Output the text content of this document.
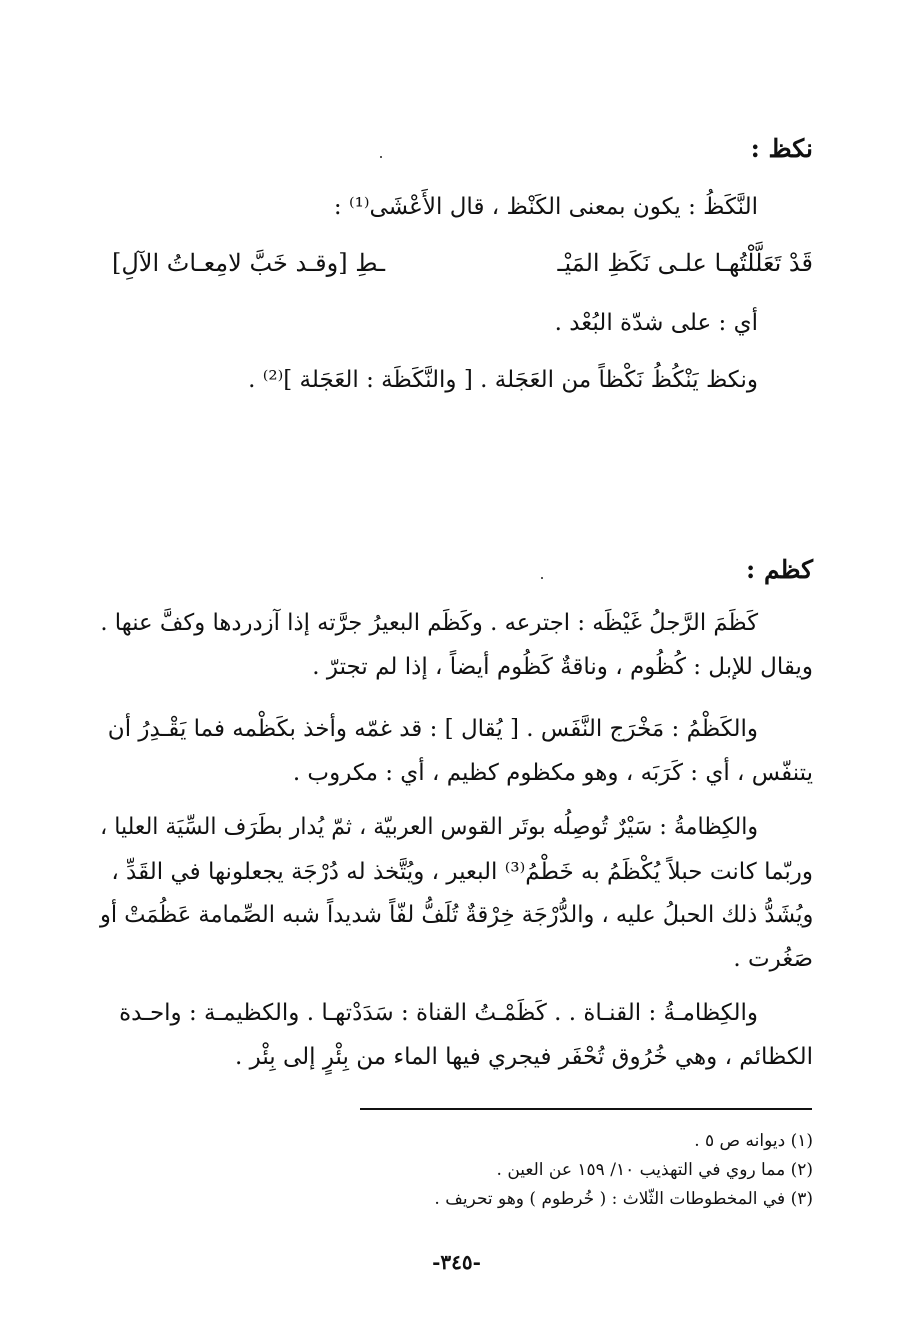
نكظ :
النَّكَظُ : يكون بمعنى الكَنْظ ، قال الأَعْشَى⁽¹⁾ :
قَدْ تَعَلَّلْتُهـا علـى نَكَظِ المَيْـ
ـطِ [وقـد خَبَّ لامِعـاتُ الآلِ]
أي : على شدّة البُعْد .
ونكظ يَنْكُظُ نَكْظاً من العَجَلة . [ والنَّكَظَة : العَجَلة ]⁽²⁾ .
كظم :
كَظَمَ الرَّجلُ غَيْظَه : اجترعه . وكَظَم البعيرُ جرَّته إذا آزدردها وكفَّ عنها .
ويقال للإبل : كُظُوم ، وناقةٌ كَظُوم أيضاً ، إذا لم تجترّ .
والكَظْمُ : مَخْرَج النَّفَس . [ يُقال ] : قد غمّه وأخذ بكَظْمه فما يَقْـدِرُ أن
يتنفّس ، أي : كَرَبَه ، وهو مكظوم كظيم ، أي : مكروب .
والكِظامةُ : سَيْرٌ تُوصِلُه بوتَر القوس العربيّة ، ثمّ يُدار بطَرَف السِّيَة العليا ،
وربّما كانت حبلاً يُكْظَمُ به خَطْمُ⁽³⁾ البعير ، ويُتَّخذ له دُرْجَة يجعلونها في القَدِّ ،
ويُشَدُّ ذلك الحبلُ عليه ، والدُّرْجَة خِرْقةٌ تُلَفُّ لفّاً شديداً شبه الصِّمامة عَظُمَتْ أو
صَغُرت .
والكِظامـةُ : القنـاة . . كَظَمْـتُ القناة : سَدَدْتهـا . والكظيمـة : واحـدة
الكظائم ، وهي خُرُوق تُحْفَر فيجري فيها الماء من بِئْرٍ إلى بِئْر .
(١) ديوانه ص ٥ .
(٢) مما روي في التهذيب ١٠/ ١٥٩ عن العين .
(٣) في المخطوطات الثّلاث : ( خُرطوم ) وهو تحريف .
-٣٤٥-
